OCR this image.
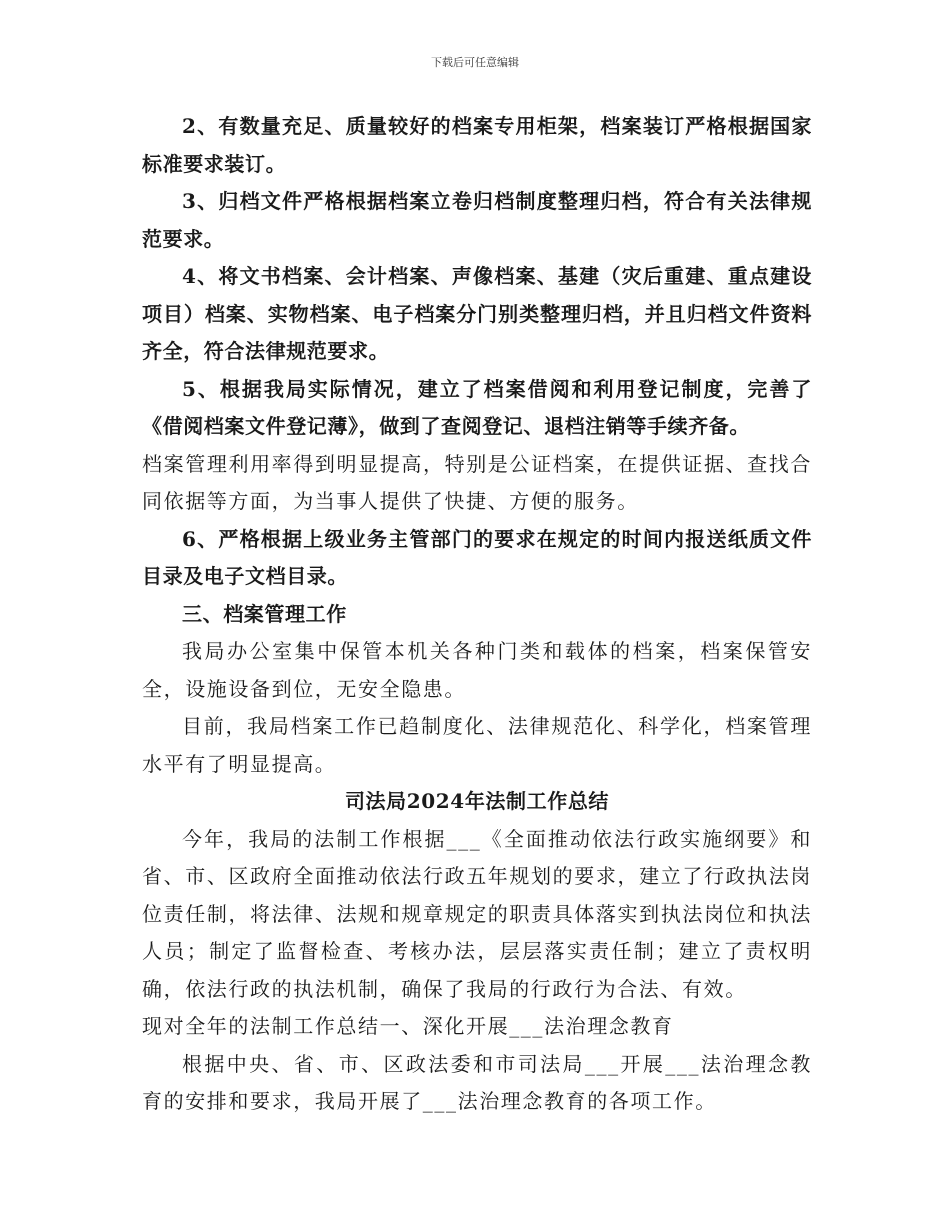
下载后可任意编辑

2、有数量充足、质量较好的档案专用柜架，档案装订严格根据国家标准要求装订。

3、归档文件严格根据档案立卷归档制度整理归档，符合有关法律规范要求。

4、将文书档案、会计档案、声像档案、基建（灾后重建、重点建设项目）档案、实物档案、电子档案分门别类整理归档，并且归档文件资料齐全，符合法律规范要求。

5、根据我局实际情况，建立了档案借阅和利用登记制度，完善了《借阅档案文件登记薄》，做到了查阅登记、退档注销等手续齐备。

档案管理利用率得到明显提高，特别是公证档案，在提供证据、查找合同依据等方面，为当事人提供了快捷、方便的服务。

6、严格根据上级业务主管部门的要求在规定的时间内报送纸质文件目录及电子文档目录。

三、档案管理工作

我局办公室集中保管本机关各种门类和载体的档案，档案保管安全，设施设备到位，无安全隐患。

目前，我局档案工作已趋制度化、法律规范化、科学化，档案管理水平有了明显提高。

司法局2024年法制工作总结

今年，我局的法制工作根据___《全面推动依法行政实施纲要》和省、市、区政府全面推动依法行政五年规划的要求，建立了行政执法岗位责任制，将法律、法规和规章规定的职责具体落实到执法岗位和执法人员；制定了监督检查、考核办法，层层落实责任制；建立了责权明确，依法行政的执法机制，确保了我局的行政行为合法、有效。

现对全年的法制工作总结一、深化开展___法治理念教育

根据中央、省、市、区政法委和市司法局___开展___法治理念教育的安排和要求，我局开展了___法治理念教育的各项工作。
